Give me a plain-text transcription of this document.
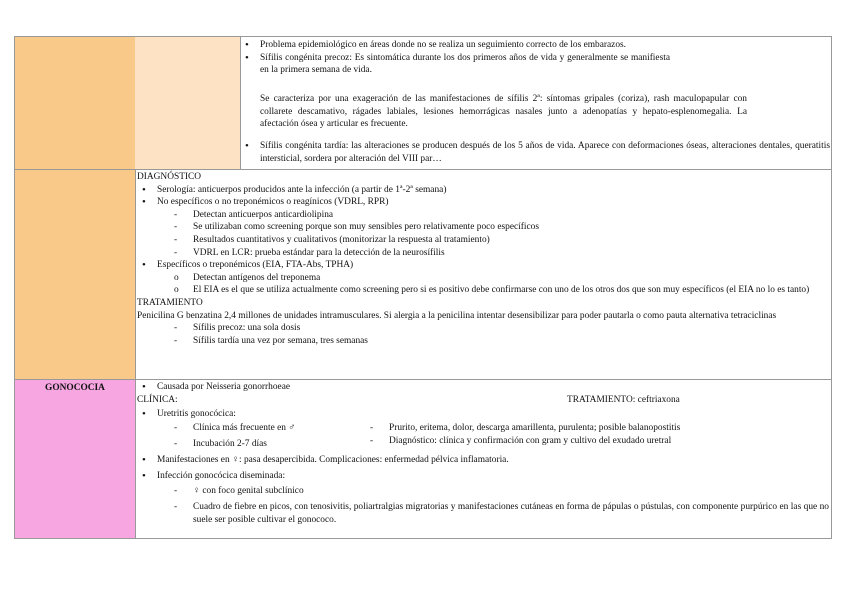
• Problema epidemiológico en áreas donde no se realiza un seguimiento correcto de los embarazos.
• Sífilis congénita precoz: Es sintomática durante los dos primeros años de vida y generalmente se manifiesta en la primera semana de vida.

Se caracteriza por una exageración de las manifestaciones de sífilis 2ª: síntomas gripales (coriza), rash maculopapular con collarete descamativo, rágades labiales, lesiones hemorrágicas nasales junto a adenopatías y hepato-esplenomegalia. La afectación ósea y articular es frecuente.

• Sífilis congénita tardía: las alteraciones se producen después de los 5 años de vida. Aparece con deformaciones óseas, alteraciones dentales, queratitis intersticial, sordera por alteración del VIII par…

DIAGNÓSTICO

• Serología: anticuerpos producidos ante la infección (a partir de 1ª-2ª semana)
• No específicos o no treponémicos o reagínicos (VDRL, RPR)
- Detectan anticuerpos anticardiolipina
- Se utilizaban como screening porque son muy sensibles pero relativamente poco específicos
- Resultados cuantitativos y cualitativos (monitorizar la respuesta al tratamiento)
- VDRL en LCR: prueba estándar para la detección de la neurosífilis
• Específicos o treponémicos (EIA, FTA-Abs, TPHA)
o Detectan antígenos del treponema
o El EIA es el que se utiliza actualmente como screening pero si es positivo debe confirmarse con uno de los otros dos que son muy específicos (el EIA no lo es tanto)

TRATAMIENTO

Penicilina G benzatina 2,4 millones de unidades intramusculares. Si alergia a la penicilina intentar desensibilizar para poder pautarla o como pauta alternativa tetraciclinas

- Sífilis precoz: una sola dosis
- Sífilis tardía una vez por semana, tres semanas
GONOCOCIA
•	Causada por Neisseria gonorrhoeae
CLÍNICA:	TRATAMIENTO: ceftriaxona
• Uretritis gonocócica:
- Clínica más frecuente en ♂
- Incubación 2-7 días
- Prurito, eritema, dolor, descarga amarillenta, purulenta; posible balanopostitis
- Diagnóstico: clínica y confirmación con gram y cultivo del exudado uretral
• Manifestaciones en ♀: pasa desapercibida. Complicaciones: enfermedad pélvica inflamatoria.
• Infección gonocócica diseminada:
- ♀ con foco genital subclínico
- Cuadro de fiebre en picos, con tenosivitis, poliartralgias migratorias y manifestaciones cutáneas en forma de pápulas o pústulas, con componente purpúrico en las que no suele ser posible cultivar el gonococo.
